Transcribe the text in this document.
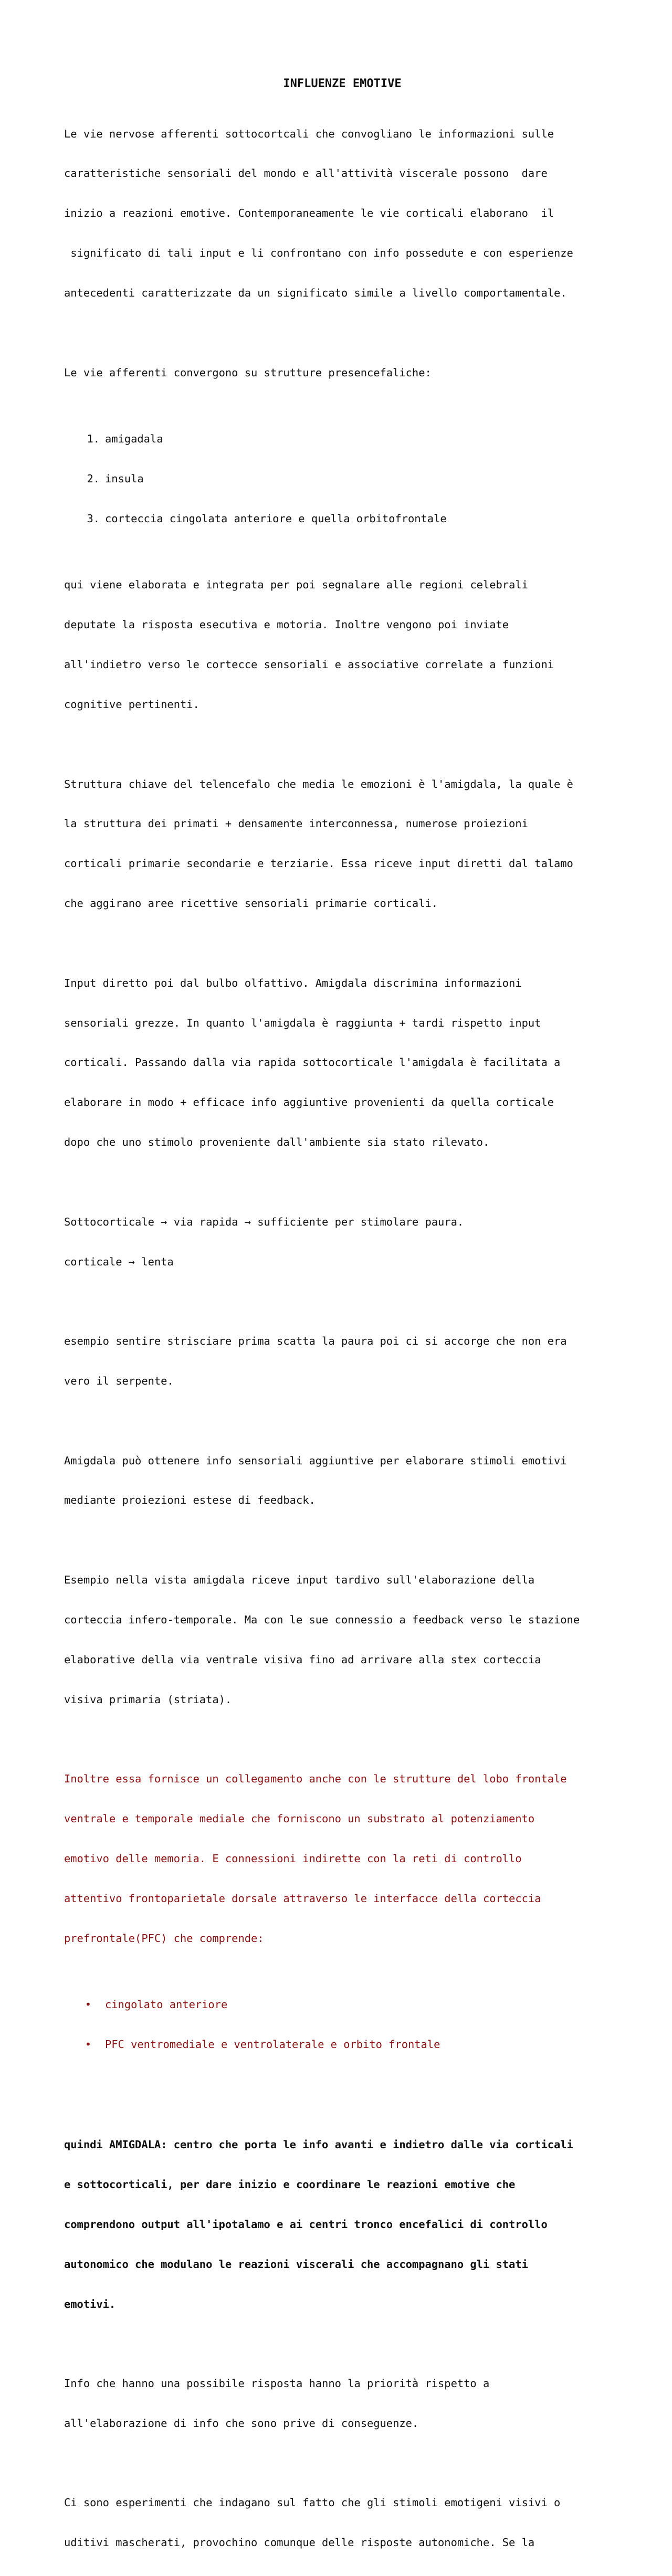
INFLUENZE EMOTIVE

Le vie nervose afferenti sottocortcali che convogliano le informazioni sulle

caratteristiche sensoriali del mondo e all'attività viscerale possono  dare

inizio a reazioni emotive. Contemporaneamente le vie corticali elaborano  il

significato di tali input e li confrontano con info possedute e con esperienze

antecedenti caratterizzate da un significato simile a livello comportamentale.

Le vie afferenti convergono su strutture presencefaliche:

1. amigadala

2. insula

3. corteccia cingolata anteriore e quella orbitofrontale

qui viene elaborata e integrata per poi segnalare alle regioni celebrali

deputate la risposta esecutiva e motoria. Inoltre vengono poi inviate

all'indietro verso le cortecce sensoriali e associative correlate a funzioni

cognitive pertinenti.

Struttura chiave del telencefalo che media le emozioni è l'amigdala, la quale è

la struttura dei primati + densamente interconnessa, numerose proiezioni

corticali primarie secondarie e terziarie. Essa riceve input diretti dal talamo

che aggirano aree ricettive sensoriali primarie corticali.

Input diretto poi dal bulbo olfattivo. Amigdala discrimina informazioni

sensoriali grezze. In quanto l'amigdala è raggiunta + tardi rispetto input

corticali. Passando dalla via rapida sottocorticale l'amigdala è facilitata a

elaborare in modo + efficace info aggiuntive provenienti da quella corticale

dopo che uno stimolo proveniente dall'ambiente sia stato rilevato.

Sottocorticale → via rapida → sufficiente per stimolare paura.

corticale → lenta

esempio sentire strisciare prima scatta la paura poi ci si accorge che non era

vero il serpente.

Amigdala può ottenere info sensoriali aggiuntive per elaborare stimoli emotivi

mediante proiezioni estese di feedback.

Esempio nella vista amigdala riceve input tardivo sull'elaborazione della

corteccia infero-temporale. Ma con le sue connessio a feedback verso le stazione

elaborative della via ventrale visiva fino ad arrivare alla stex corteccia

visiva primaria (striata).

Inoltre essa fornisce un collegamento anche con le strutture del lobo frontale

ventrale e temporale mediale che forniscono un substrato al potenziamento

emotivo delle memoria. E connessioni indirette con la reti di controllo

attentivo frontoparietale dorsale attraverso le interfacce della corteccia

prefrontale(PFC) che comprende:

• cingolato anteriore

• PFC ventromediale e ventrolaterale e orbito frontale

quindi AMIGDALA: centro che porta le info avanti e indietro dalle via corticali

e sottocorticali, per dare inizio e coordinare le reazioni emotive che

comprendono output all'ipotalamo e ai centri tronco encefalici di controllo

autonomico che modulano le reazioni viscerali che accompagnano gli stati

emotivi.

Info che hanno una possibile risposta hanno la priorità rispetto a

all'elaborazione di info che sono prive di conseguenze.

Ci sono esperimenti che indagano sul fatto che gli stimoli emotigeni visivi o

uditivi mascherati, provochino comunque delle risposte autonomiche. Se la
